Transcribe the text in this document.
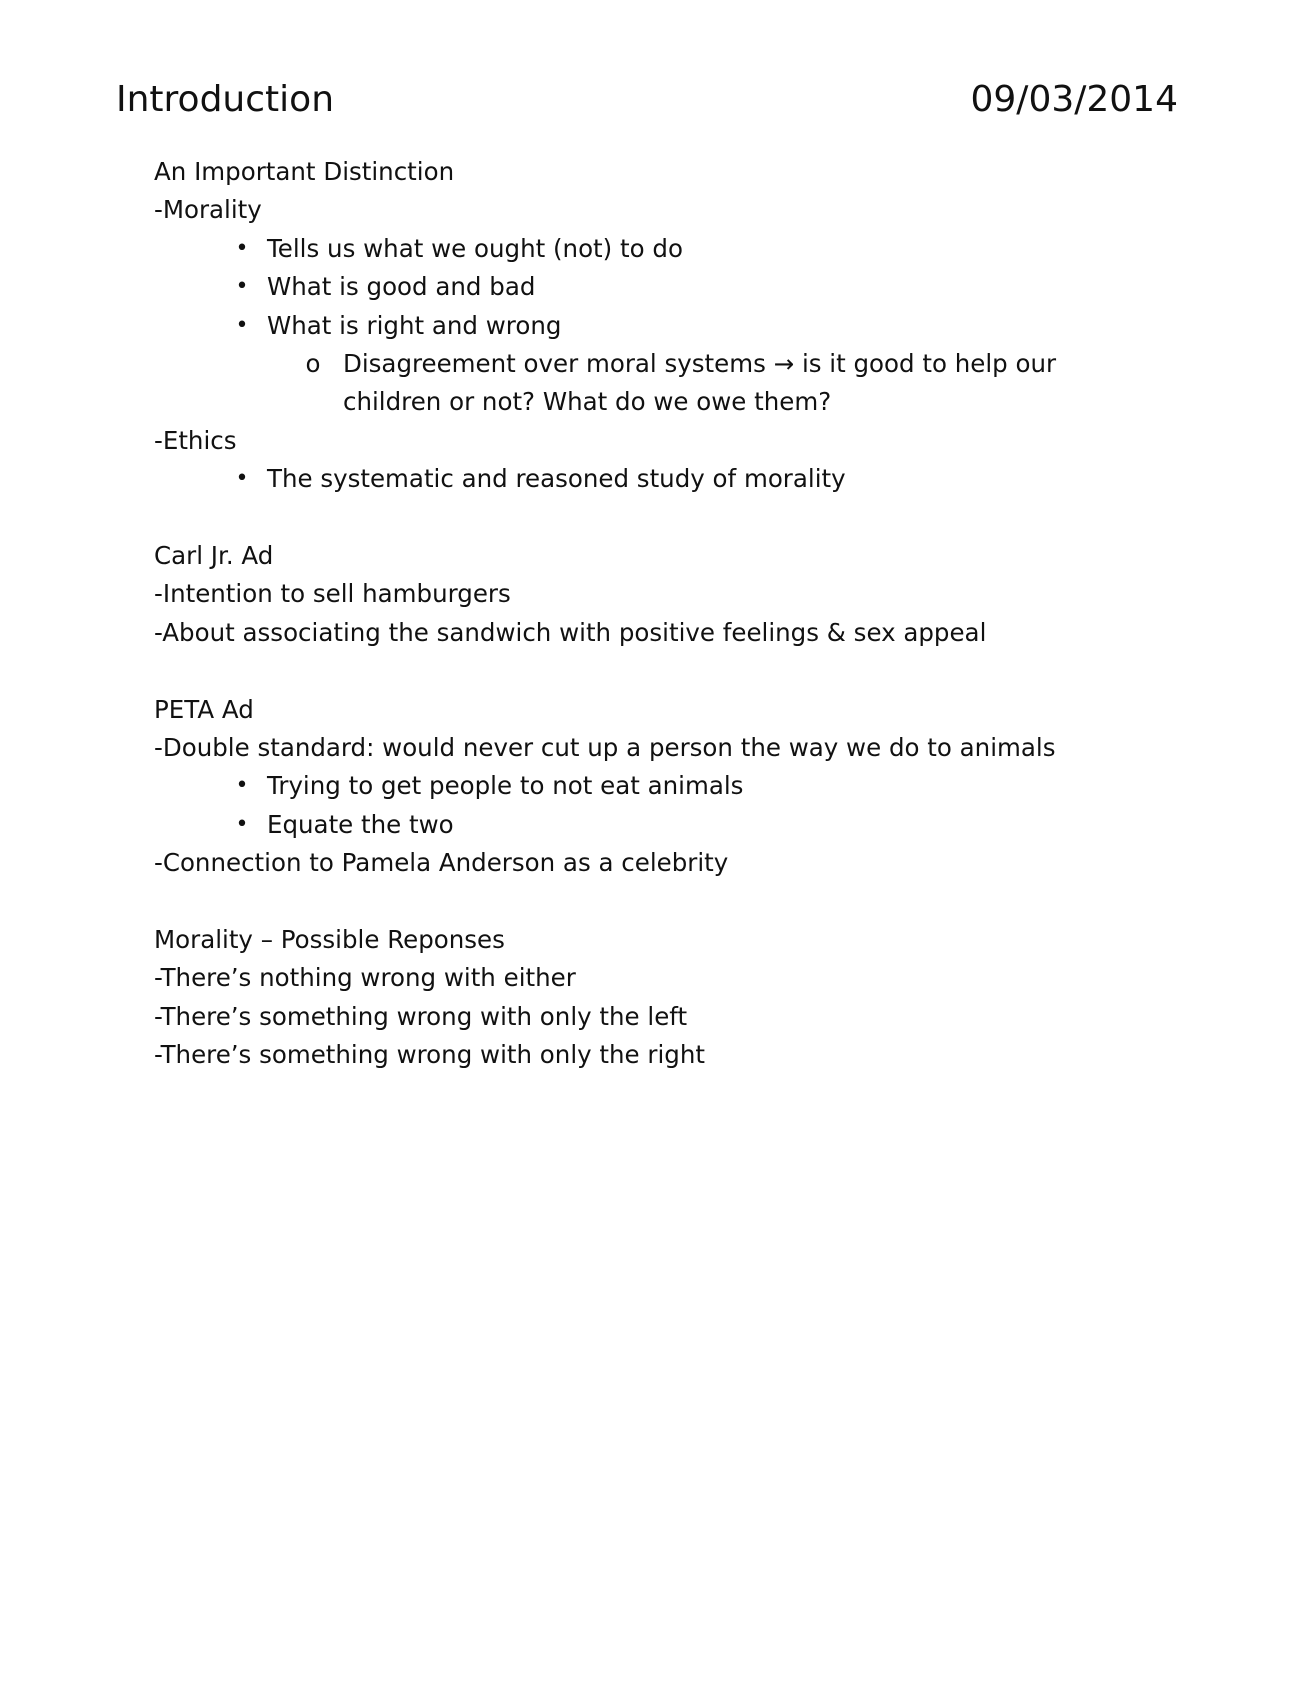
Introduction	09/03/2014
An Important Distinction
-Morality
• Tells us what we ought (not) to do
• What is good and bad
• What is right and wrong
o Disagreement over moral systems → is it good to help our children or not? What do we owe them?
-Ethics
• The systematic and reasoned study of morality
Carl Jr. Ad
-Intention to sell hamburgers
-About associating the sandwich with positive feelings & sex appeal
PETA Ad
-Double standard: would never cut up a person the way we do to animals
• Trying to get people to not eat animals
• Equate the two
-Connection to Pamela Anderson as a celebrity
Morality – Possible Reponses
-There’s nothing wrong with either
-There’s something wrong with only the left
-There’s something wrong with only the right
